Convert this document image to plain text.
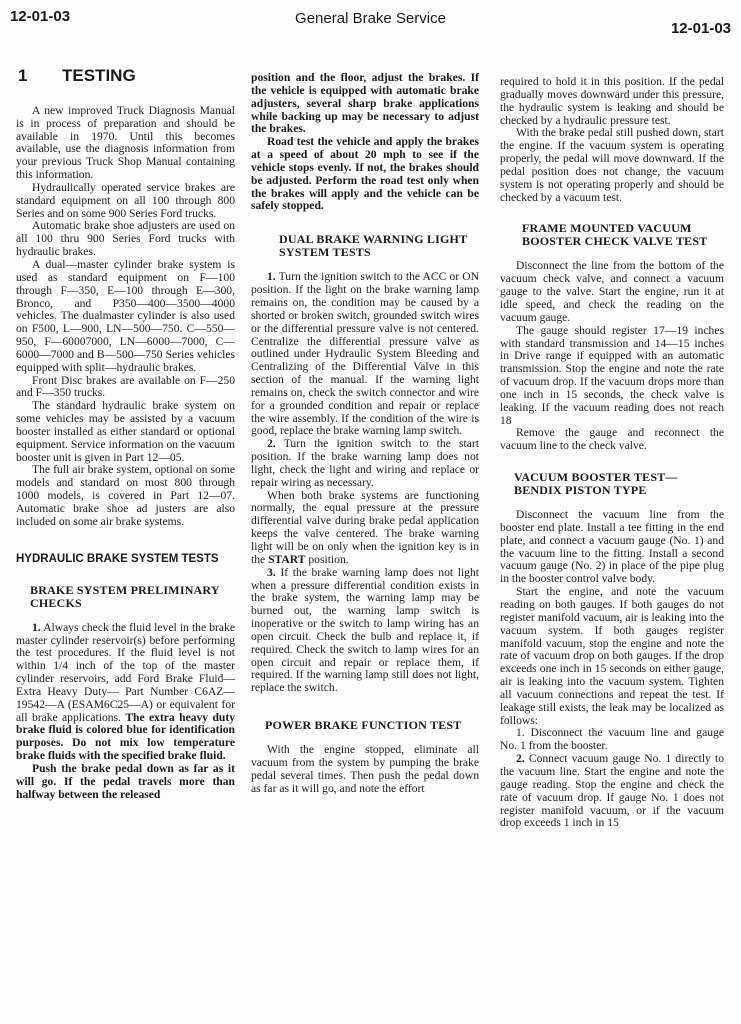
12-01-03	General Brake Service
12-01-03
1 TESTING

A new improved Truck Diagnosis Manual is in process of preparation and should be available in 1970. Until this becomes available, use the diagnosis information from your previous Truck Shop Manual containing this information.

Hydraulically operated service brakes are standard equipment on all 100 through 800 Series and on some 900 Series Ford trucks.

Automatic brake shoe adjusters are used on all 100 thru 900 Series Ford trucks with hydraulic brakes.

A dual—master cylinder brake system is used as standard equipment on F—100 through F—350, E—100 through E—300, Bronco, and P350—400—3500—4000 vehicles. The dualmaster cylinder is also used on F500, L—900, LN—500—750. C—550—950, F—60007000, LN—6000—7000, C—6000—7000 and B—500—750 Series vehicles equipped with split—hydraulic brakes.

Front Disc brakes are available on F—250 and F—350 trucks.

The standard hydraulic brake system on some vehicles may be assisted by a vacuum booster installed as either standard or optional equipment. Service information on the vacuum booster unit is given in Part 12—05.

The full air brake system, optional on some models and standard on most 800 through 1000 models, is covered in Part 12—07. Automatic brake shoe ad justers are also included on some air brake systems.

HYDRAULIC BRAKE SYSTEM TESTS
BRAKE SYSTEM PRELIMINARY CHECKS

1. Always check the fluid level in the brake master cylinder reservoir(s) before performing the test procedures. If the fluid level is not within 1/4 inch of the top of the master cylinder reservoirs, add Ford Brake Fluid—Extra Heavy Duty— Part Number C6AZ—19542—A (ESAM6C25—A) or equivalent for all brake applications. The extra heavy duty brake fluid is colored blue for identification purposes. Do not mix low temperature brake fluids with the specified brake fluid.

Push the brake pedal down as far as it will go. If the pedal travels more than halfway between the released

position and the floor, adjust the brakes. If the vehicle is equipped with automatic brake adjusters, several sharp brake applications while backing up may be necessary to adjust the brakes.

Road test the vehicle and apply the brakes at a speed of about 20 mph to see if the vehicle stops evenly. If not, the brakes should be adjusted. Perform the road test only when the brakes will apply and the vehicle can be safely stopped.

DUAL BRAKE WARNING LIGHT SYSTEM TESTS

1. Turn the ignition switch to the ACC or ON position. If the light on the brake warning lamp remains on, the condition may be caused by a shorted or broken switch, grounded switch wires or the differential pressure valve is not centered. Centralize the differential pressure valve as outlined under Hydraulic System Bleeding and Centralizing of the Differential Valve in this section of the manual. If the warning light remains on, check the switch connector and wire for a grounded condition and repair or replace the wire assembly. If the condition of the wire is good, replace the brake warning lamp switch.

2. Turn the ignition switch to the start position. If the brake warning lamp does not light, check the light and wiring and replace or repair wiring as necessary.

When both brake systems are functioning normally, the equal pressure at the pressure differential valve during brake pedal application keeps the valve centered. The brake warning light will be on only when the ignition key is in the START position.

3. If the brake warning lamp does not light when a pressure differential condition exists in the brake system, the warning lamp may be burned out, the warning lamp switch is inoperative or the switch to lamp wiring has an open circuit. Check the bulb and replace it, if required. Check the switch to lamp wires for an open circuit and repair or replace them, if required. If the warning lamp still does not light, replace the switch.

POWER BRAKE FUNCTION TEST

With the engine stopped, eliminate all vacuum from the system by pumping the brake pedal several times. Then push the pedal down as far as it will go, and note the effort

required to hold it in this position. If the pedal gradually moves downward under this pressure, the hydraulic system is leaking and should be checked by a hydraulic pressure test.

With the brake pedal still pushed down, start the engine. If the vacuum system is operating properly, the pedal will move downward. If the pedal position does not change, the vacuum system is not operating properly and should be checked by a vacuum test.

FRAME MOUNTED VACUUM BOOSTER CHECK VALVE TEST

Disconnect the line from the bottom of the vacuum check valve, and connect a vacuum gauge to the valve. Start the engine, run it at idle speed, and check the reading on the vacuum gauge.

The gauge should register 17—19 inches with standard transmission and 14—15 inches in Drive range if equipped with an automatic transmission. Stop the engine and note the rate of vacuum drop. If the vacuum drops more than one inch in 15 seconds, the check valve is leaking. If the vacuum reading does not reach 18

Remove the gauge and reconnect the vacuum line to the check valve.

VACUUM BOOSTER TEST—BENDIX PISTON TYPE

Disconnect the vacuum line from the booster end plate. Install a tee fitting in the end plate, and connect a vacuum gauge (No. 1) and the vacuum line to the fitting. Install a second vacuum gauge (No. 2) in place of the pipe plug in the booster control valve body.

Start the engine, and note the vacuum reading on both gauges. If both gauges do not register manifold vacuum, air is leaking into the vacuum system. If both gauges register manifold vacuum, stop the engine and note the rate of vacuum drop on both gauges. If the drop exceeds one inch in 15 seconds on either gauge, air is leaking into the vacuum system. Tighten all vacuum connections and repeat the test. If leakage still exists, the leak may be localized as follows:

1. Disconnect the vacuum line and gauge No. 1 from the booster.

2. Connect vacuum gauge No. 1 directly to the vacuum line. Start the engine and note the gauge reading. Stop the engine and check the rate of vacuum drop. If gauge No. 1 does not register manifold vacuum, or if the vacuum drop exceeds 1 inch in 15
